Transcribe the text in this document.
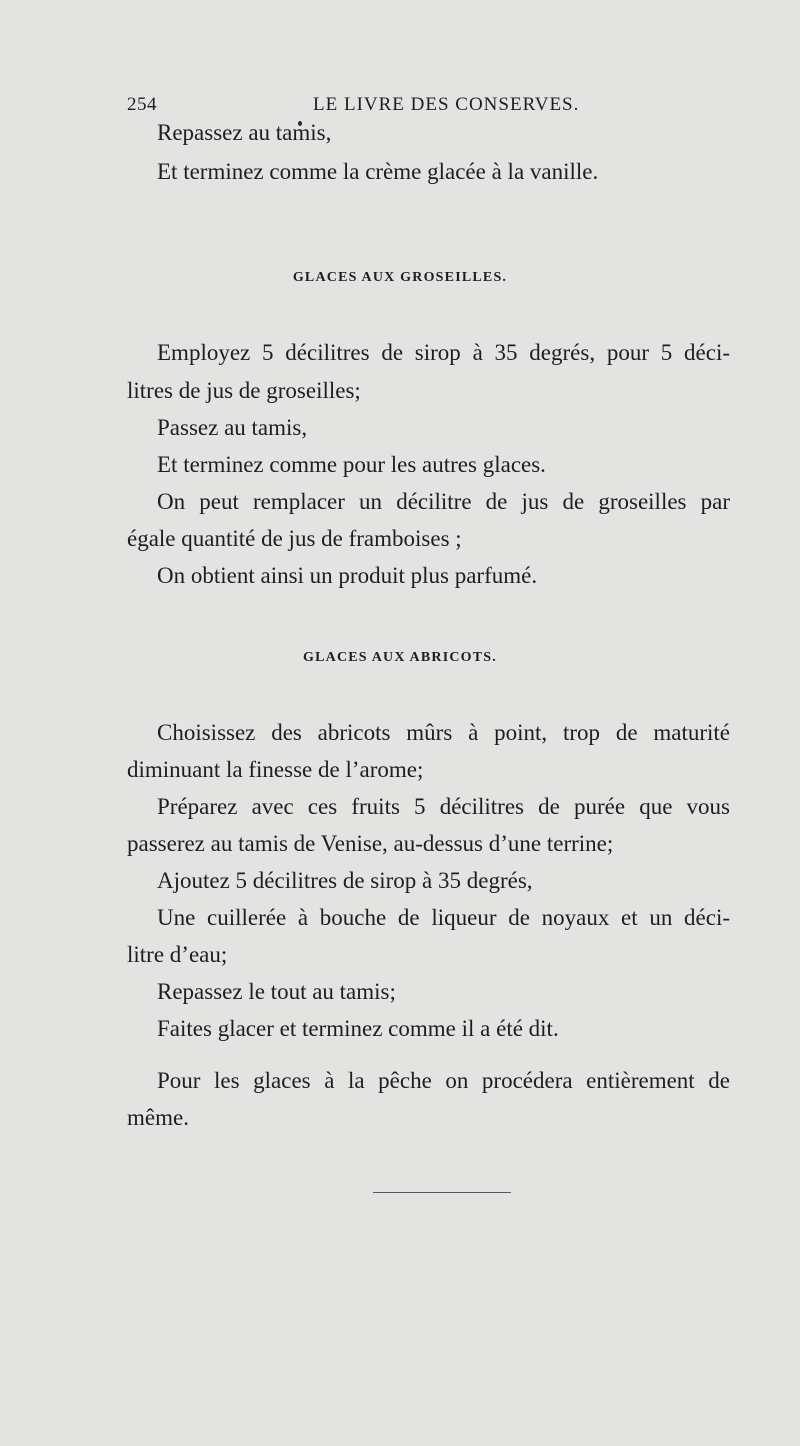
254	LE LIVRE DES CONSERVES.
Repassez au tamis,
Et terminez comme la crème glacée à la vanille.
GLACES AUX GROSEILLES.
Employez 5 décilitres de sirop à 35 degrés, pour 5 déci-
litres de jus de groseilles;
Passez au tamis,
Et terminez comme pour les autres glaces.
On peut remplacer un décilitre de jus de groseilles par
égale quantité de jus de framboises ;
On obtient ainsi un produit plus parfumé.
GLACES AUX ABRICOTS.
Choisissez des abricots mûrs à point, trop de maturité
diminuant la finesse de l’arome;
Préparez avec ces fruits 5 décilitres de purée que vous
passerez au tamis de Venise, au-dessus d’une terrine;
Ajoutez 5 décilitres de sirop à 35 degrés,
Une cuillerée à bouche de liqueur de noyaux et un déci-
litre d’eau;
Repassez le tout au tamis;
Faites glacer et terminez comme il a été dit.
Pour les glaces à la pêche on procédera entièrement de
même.
